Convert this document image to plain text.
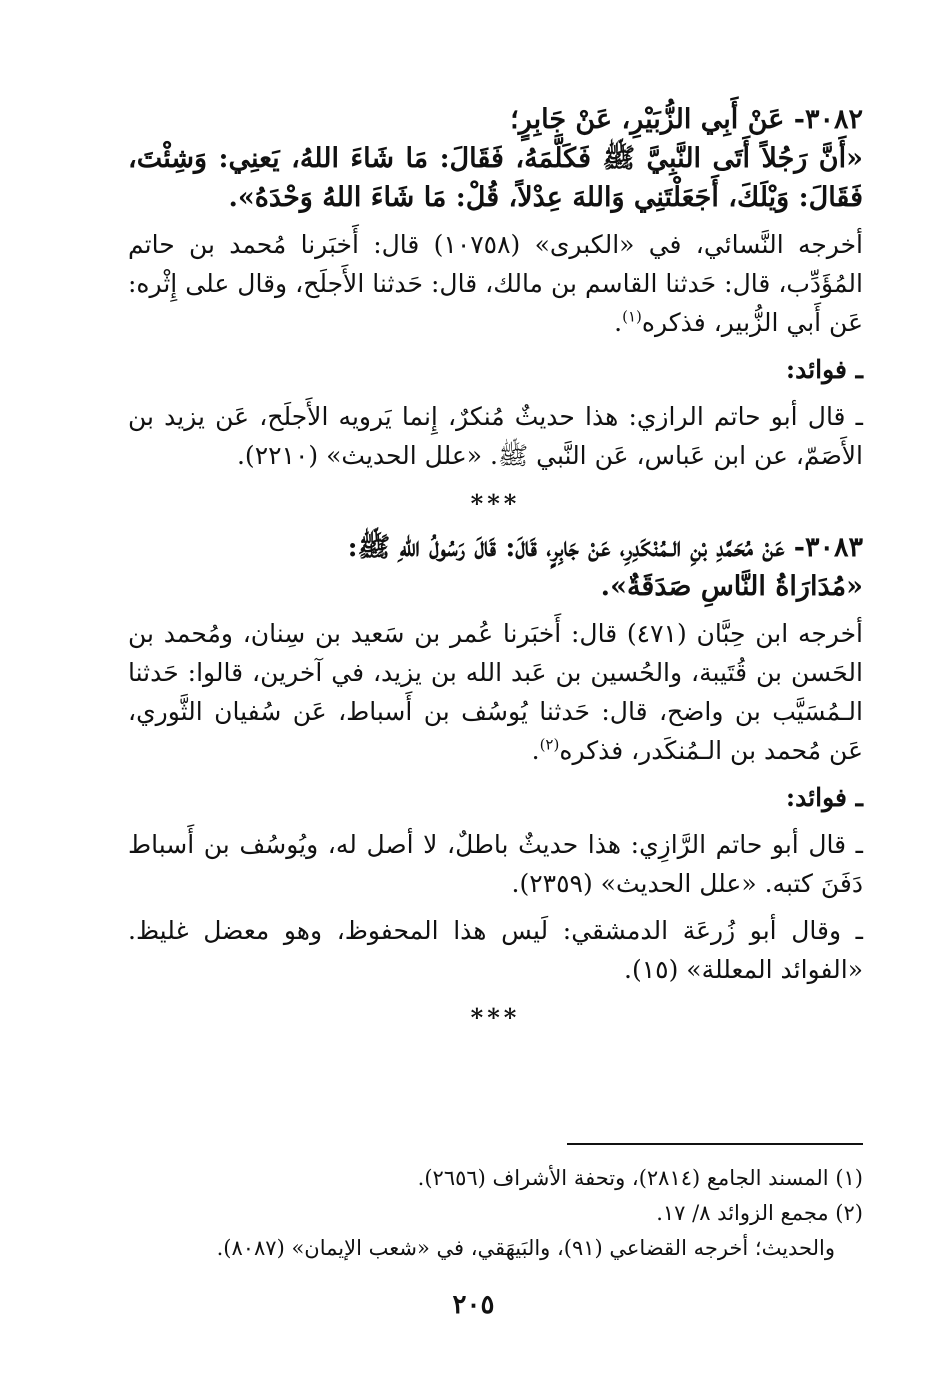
٣٠٨٢- عَنْ أَبِي الزُّبَيْرِ، عَنْ جَابِرٍ؛

«أَنَّ رَجُلاً أَتَى النَّبِيَّ ﷺ فَكَلَّمَهُ، فَقَالَ: مَا شَاءَ اللهُ، يَعنِي: وَشِئْتَ، فَقَالَ: وَيْلَكَ، أَجَعَلْتَنِي وَاللهَ عِدْلاً، قُلْ: مَا شَاءَ اللهُ وَحْدَهُ».

أخرجه النَّسائي، في «الكبرى» (١٠٧٥٨) قال: أَخبَرنا مُحمد بن حاتم المُؤَدِّب، قال: حَدثنا القاسم بن مالك، قال: حَدثنا الأَجلَح، وقال على إِثْره: عَن أَبي الزُّبير، فذكره$^{(١)}$.

ـ فوائد:

ـ قال أبو حاتم الرازي: هذا حديثٌ مُنكرٌ، إِنما يَرويه الأَجلَح، عَن يزيد بن الأَصَمّ، عن ابن عَباس، عَن النَّبي ﷺ. «علل الحديث» (٢٢١٠).

***

٣٠٨٣- عَنْ مُحَمَّدِ بْنِ الـمُنْكَدِرِ، عَنْ جَابِرٍ، قَالَ: قَالَ رَسُولُ اللهِ ﷺ:

«مُدَارَاةُ النَّاسِ صَدَقَةٌ».

أخرجه ابن حِبَّان (٤٧١) قال: أَخبَرنا عُمر بن سَعيد بن سِنان، ومُحمد بن الحَسن بن قُتَيبة، والحُسين بن عَبد الله بن يزيد، في آخرين، قالوا: حَدثنا الـمُسَيَّب بن واضح، قال: حَدثنا يُوسُف بن أَسباط، عَن سُفيان الثَّوري، عَن مُحمد بن الـمُنكَدر، فذكره$^{(٢)}$.

ـ فوائد:

ـ قال أبو حاتم الرَّازِي: هذا حديثٌ باطلٌ، لا أصل له، ويُوسُف بن أَسباط دَفَنَ كتبه. «علل الحديث» (٢٣٥٩).

ـ وقال أبو زُرعَة الدمشقي: لَيس هذا المحفوظ، وهو معضل غليظ. «الفوائد المعللة» (١٥).

***

(١) المسند الجامع (٢٨١٤)، وتحفة الأشراف (٢٦٥٦).

(٢) مجمع الزوائد ٨/ ١٧.

والحديث؛ أخرجه القضاعي (٩١)، والبَيهَقي، في «شعب الإيمان» (٨٠٨٧).

٢٠٥
